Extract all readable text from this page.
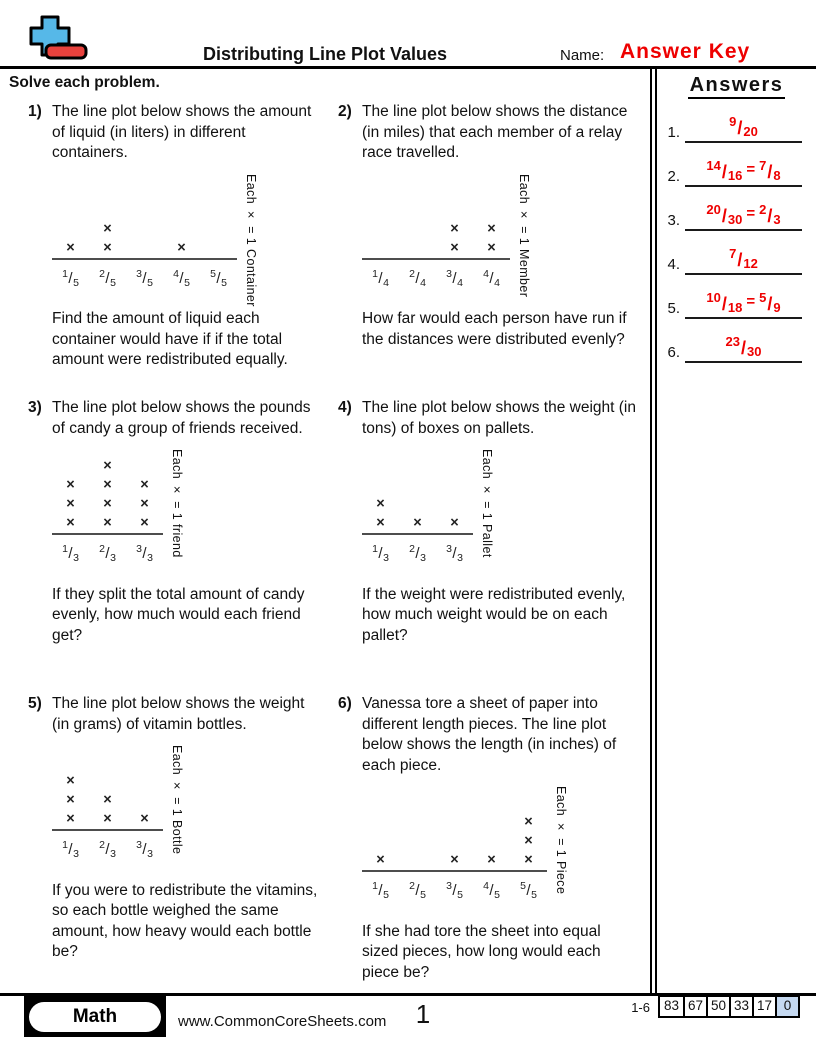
Distributing Line Plot Values	Name: Answer Key
Solve each problem.
1) The line plot below shows the amount of liquid (in liters) in different containers.

×
×
×	×
$^1$/5
$^2$/5
$^3$/5
$^4$/5
$^5$/5	Each × = 1 Container

Find the amount of liquid each container would have if if the total amount were redistributed equally.

2) The line plot below shows the distance (in miles) that each member of a relay race travelled.

×
×
×
×
$^1$/4
$^2$/4
$^3$/4
$^4$/4	Each × = 1 Member

How far would each person have run if the distances were distributed evenly?

3) The line plot below shows the pounds of candy a group of friends received.

×
×
×
×
×
×
×
×
×
×
$^1$/3
$^2$/3
$^3$/3
Each × = 1 friend

If they split the total amount of candy evenly, how much would each friend get?

4) The line plot below shows the weight (in tons) of boxes on pallets.

×
× × ×
$^1$/3
$^2$/3
$^3$/3
Each × = 1 Pallet

If the weight were redistributed evenly, how much weight would be on each pallet?

5) The line plot below shows the weight (in grams) of vitamin bottles.

×
×
×
×
× ×
$^1$/3
$^2$/3
$^3$/3	Each × = 1 Bottle

If you were to redistribute the vitamins, so each bottle weighed the same amount, how heavy would each bottle be?

6) Vanessa tore a sheet of paper into different length pieces. The line plot below shows the length (in inches) of each piece.

×	× ×
×
×
×
$^1$/5
$^2$/5
$^3$/5
$^4$/5
$^5$/5
Each × = 1 Piece

If she had tore the sheet into equal sized pieces, how long would each piece be?

Answers
1.
$^9$/20
2.
$^{14}$/16 = $^7$/8
3.
$^{20}$/30 = $^2$/3
4.
$^7$/12
5.
$^{10}$/18 = $^5$/9
6.
$^{23}$/30
Math	www.CommonCoreSheets.com	1	1-6 83 67 50 33 17 0
